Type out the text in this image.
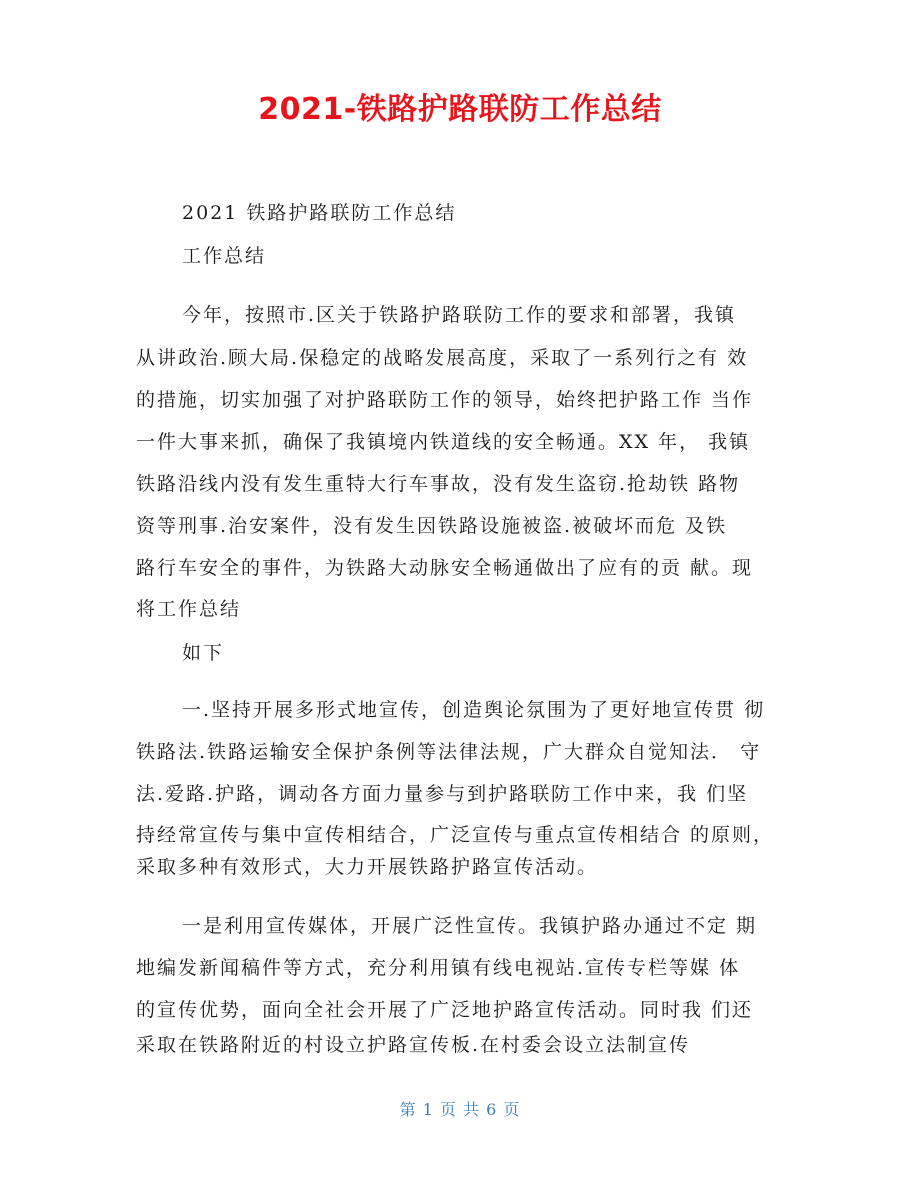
2021-铁路护路联防工作总结

2021 铁路护路联防工作总结

工作总结

今年，按照市.区关于铁路护路联防工作的要求和部署，我镇

从讲政治.顾大局.保稳定的战略发展高度，采取了一系列行之有 效

的措施，切实加强了对护路联防工作的领导，始终把护路工作 当作

一件大事来抓，确保了我镇境内铁道线的安全畅通。XX 年， 我镇

铁路沿线内没有发生重特大行车事故，没有发生盗窃.抢劫铁 路物

资等刑事.治安案件，没有发生因铁路设施被盗.被破坏而危 及铁

路行车安全的事件，为铁路大动脉安全畅通做出了应有的贡 献。现

将工作总结

如下

一.坚持开展多形式地宣传，创造舆论氛围为了更好地宣传贯 彻

铁路法.铁路运输安全保护条例等法律法规，广大群众自觉知法． 守

法.爱路.护路，调动各方面力量参与到护路联防工作中来，我 们坚

持经常宣传与集中宣传相结合，广泛宣传与重点宣传相结合 的原则，

采取多种有效形式，大力开展铁路护路宣传活动。

一是利用宣传媒体，开展广泛性宣传。我镇护路办通过不定 期

地编发新闻稿件等方式，充分利用镇有线电视站.宣传专栏等媒 体

的宣传优势，面向全社会开展了广泛地护路宣传活动。同时我 们还

采取在铁路附近的村设立护路宣传板.在村委会设立法制宣传

第 1 页 共 6 页
